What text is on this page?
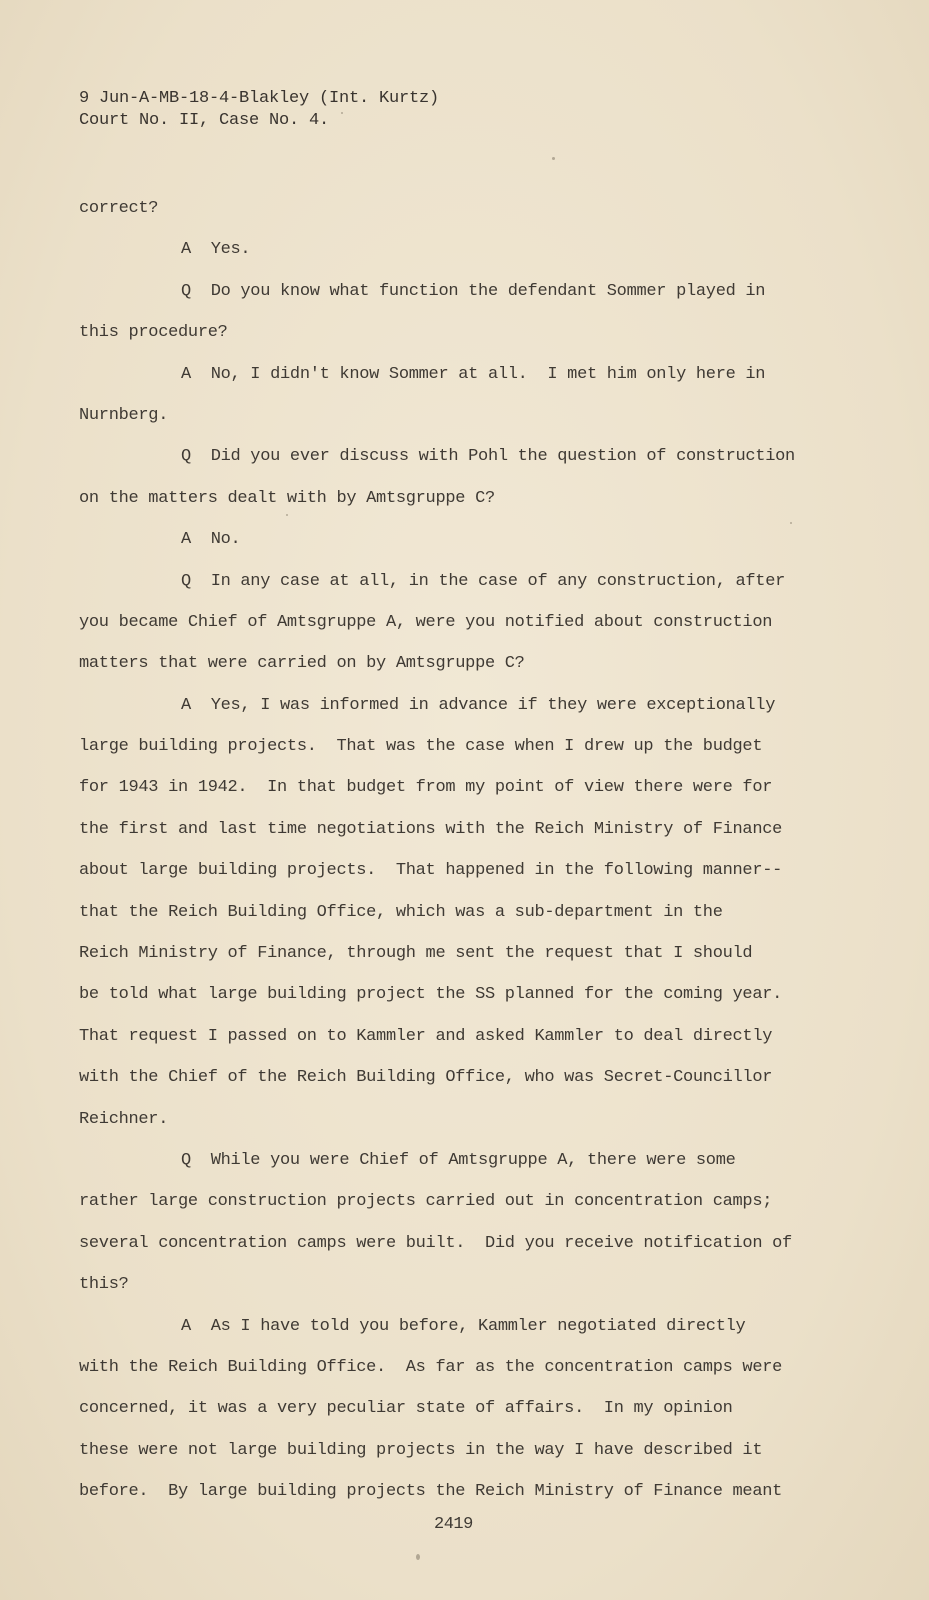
9 Jun-A-MB-18-4-Blakley (Int. Kurtz)
Court No. II, Case No. 4.
correct?
A  Yes.
Q  Do you know what function the defendant Sommer played in
this procedure?
A  No, I didn't know Sommer at all.  I met him only here in
Nurnberg.
Q  Did you ever discuss with Pohl the question of construction
on the matters dealt with by Amtsgruppe C?
A  No.
Q  In any case at all, in the case of any construction, after
you became Chief of Amtsgruppe A, were you notified about construction
matters that were carried on by Amtsgruppe C?
A  Yes, I was informed in advance if they were exceptionally
large building projects.  That was the case when I drew up the budget
for 1943 in 1942.  In that budget from my point of view there were for
the first and last time negotiations with the Reich Ministry of Finance
about large building projects.  That happened in the following manner--
that the Reich Building Office, which was a sub-department in the
Reich Ministry of Finance, through me sent the request that I should
be told what large building project the SS planned for the coming year.
That request I passed on to Kammler and asked Kammler to deal directly
with the Chief of the Reich Building Office, who was Secret-Councillor
Reichner.
Q  While you were Chief of Amtsgruppe A, there were some
rather large construction projects carried out in concentration camps;
several concentration camps were built.  Did you receive notification of
this?
A  As I have told you before, Kammler negotiated directly
with the Reich Building Office.  As far as the concentration camps were
concerned, it was a very peculiar state of affairs.  In my opinion
these were not large building projects in the way I have described it
before.  By large building projects the Reich Ministry of Finance meant
2419
